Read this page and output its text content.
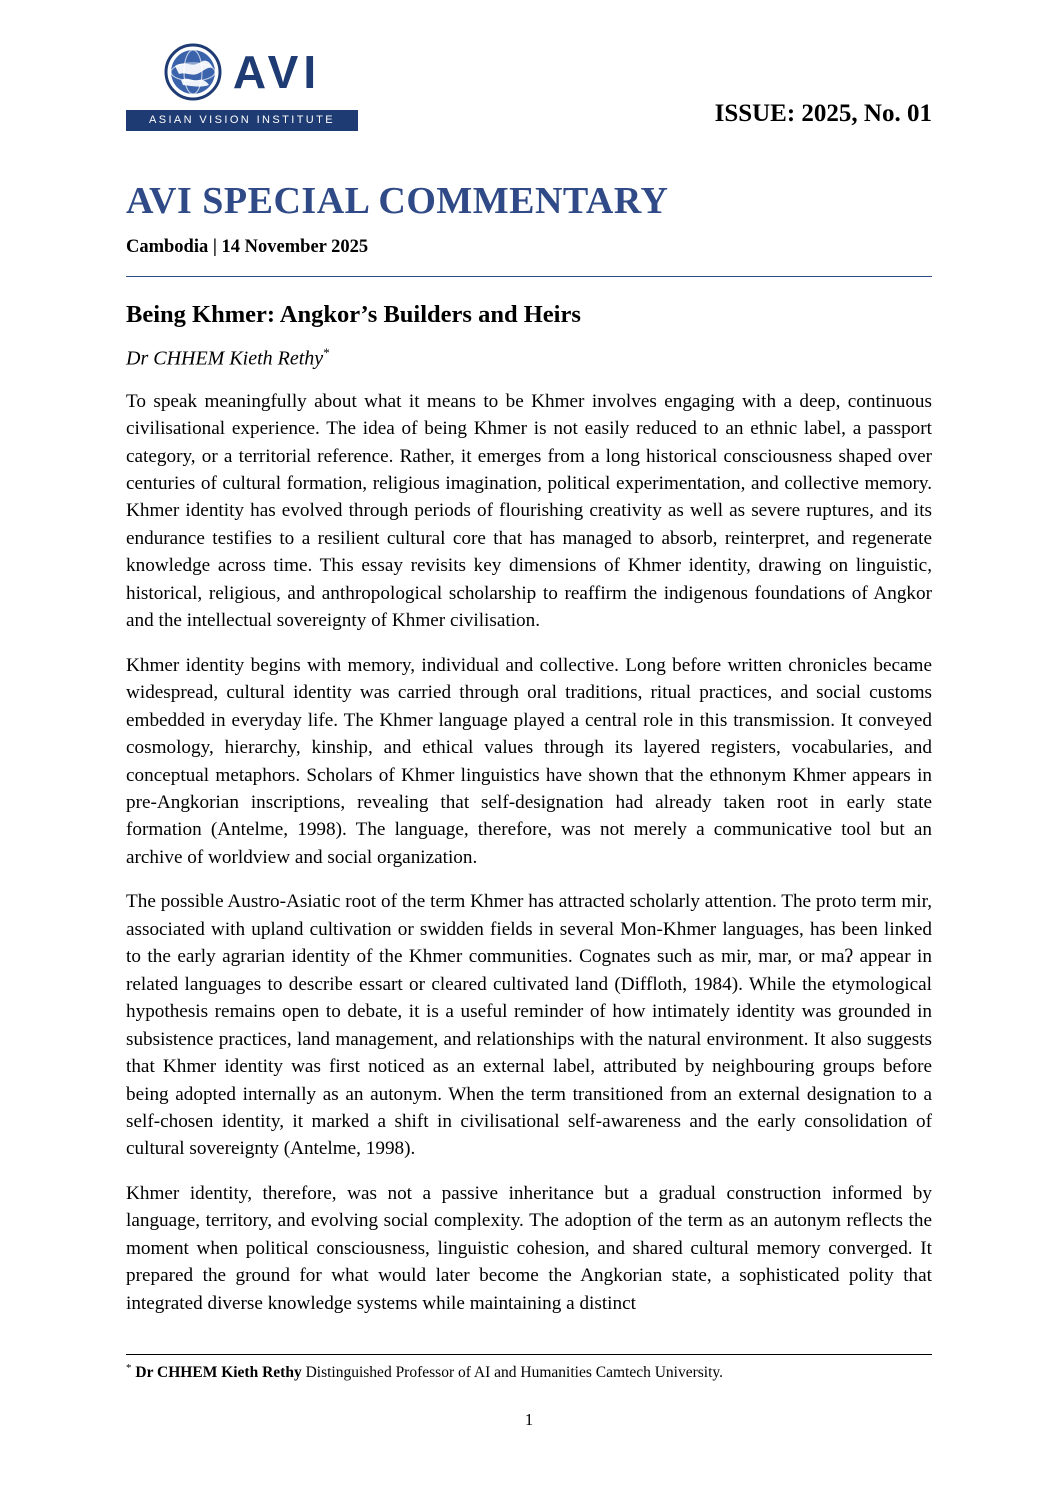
AVI
ASIAN VISION INSTITUTE	ISSUE: 2025, No. 01
AVI SPECIAL COMMENTARY
Cambodia | 14 November 2025
Being Khmer: Angkor’s Builders and Heirs
Dr CHHEM Kieth Rethy*

To speak meaningfully about what it means to be Khmer involves engaging with a deep, continuous civilisational experience. The idea of being Khmer is not easily reduced to an ethnic label, a passport category, or a territorial reference. Rather, it emerges from a long historical consciousness shaped over centuries of cultural formation, religious imagination, political experimentation, and collective memory. Khmer identity has evolved through periods of flourishing creativity as well as severe ruptures, and its endurance testifies to a resilient cultural core that has managed to absorb, reinterpret, and regenerate knowledge across time. This essay revisits key dimensions of Khmer identity, drawing on linguistic, historical, religious, and anthropological scholarship to reaffirm the indigenous foundations of Angkor and the intellectual sovereignty of Khmer civilisation.

Khmer identity begins with memory, individual and collective. Long before written chronicles became widespread, cultural identity was carried through oral traditions, ritual practices, and social customs embedded in everyday life. The Khmer language played a central role in this transmission. It conveyed cosmology, hierarchy, kinship, and ethical values through its layered registers, vocabularies, and conceptual metaphors. Scholars of Khmer linguistics have shown that the ethnonym Khmer appears in pre-Angkorian inscriptions, revealing that self-designation had already taken root in early state formation (Antelme, 1998). The language, therefore, was not merely a communicative tool but an archive of worldview and social organization.

The possible Austro-Asiatic root of the term Khmer has attracted scholarly attention. The proto term mir, associated with upland cultivation or swidden fields in several Mon-Khmer languages, has been linked to the early agrarian identity of the Khmer communities. Cognates such as mir, mar, or maʔ appear in related languages to describe essart or cleared cultivated land (Diffloth, 1984). While the etymological hypothesis remains open to debate, it is a useful reminder of how intimately identity was grounded in subsistence practices, land management, and relationships with the natural environment. It also suggests that Khmer identity was first noticed as an external label, attributed by neighbouring groups before being adopted internally as an autonym. When the term transitioned from an external designation to a self-chosen identity, it marked a shift in civilisational self-awareness and the early consolidation of cultural sovereignty (Antelme, 1998).

Khmer identity, therefore, was not a passive inheritance but a gradual construction informed by language, territory, and evolving social complexity. The adoption of the term as an autonym reflects the moment when political consciousness, linguistic cohesion, and shared cultural memory converged. It prepared the ground for what would later become the Angkorian state, a sophisticated polity that integrated diverse knowledge systems while maintaining a distinct

* Dr CHHEM Kieth Rethy Distinguished Professor of AI and Humanities Camtech University.
1
